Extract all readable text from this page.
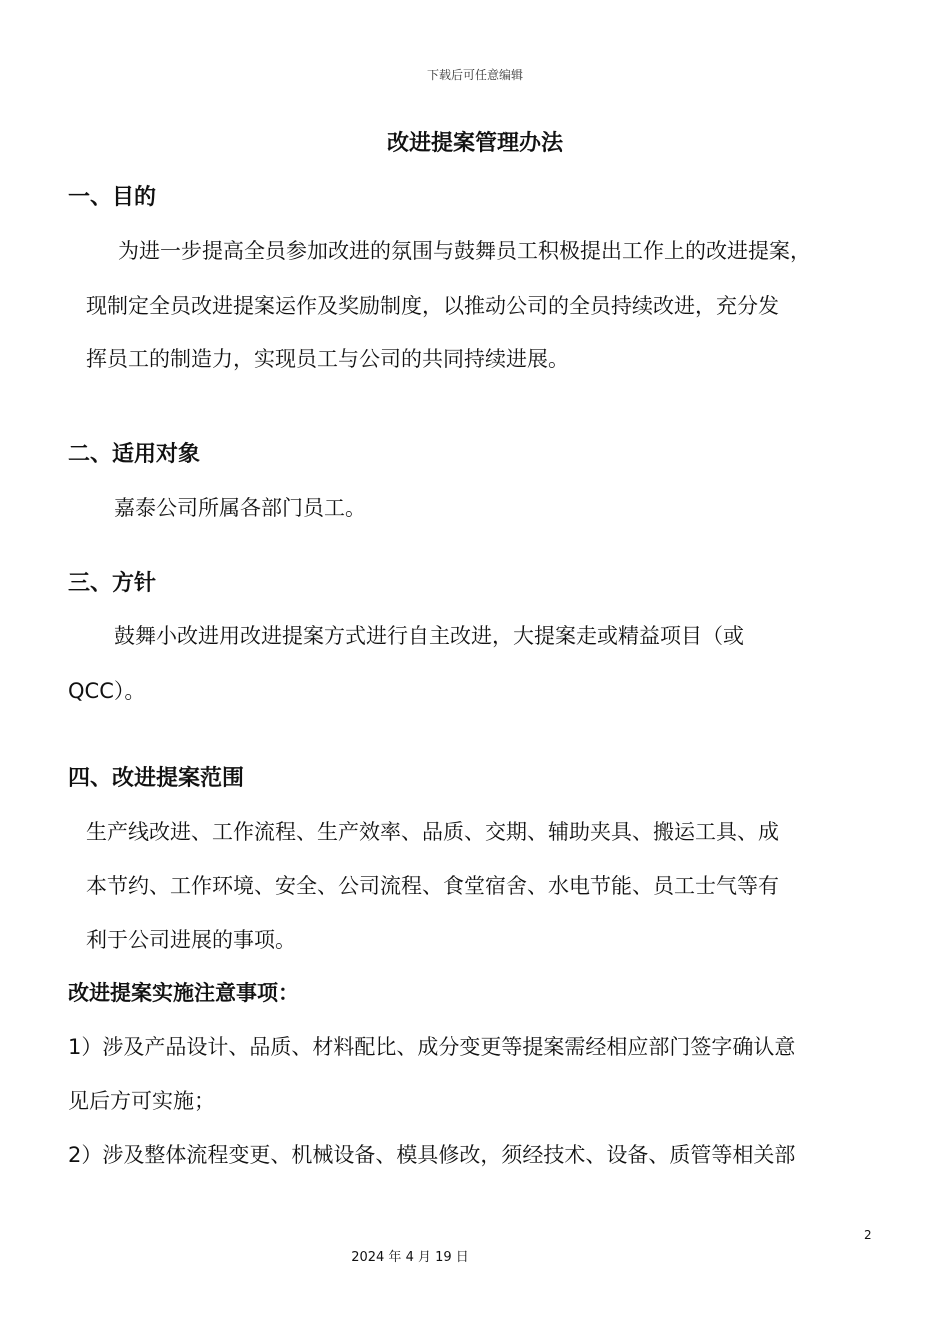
下载后可任意编辑
改进提案管理办法
一、目的
为进一步提高全员参加改进的氛围与鼓舞员工积极提出工作上的改进提案，
现制定全员改进提案运作及奖励制度，以推动公司的全员持续改进，充分发
挥员工的制造力，实现员工与公司的共同持续进展。
二、适用对象
嘉泰公司所属各部门员工。
三、方针
鼓舞小改进用改进提案方式进行自主改进，大提案走或精益项目（或
QCC）。
四、改进提案范围
生产线改进、工作流程、生产效率、品质、交期、辅助夹具、搬运工具、成
本节约、工作环境、安全、公司流程、食堂宿舍、水电节能、员工士气等有
利于公司进展的事项。
改进提案实施注意事项：
1）涉及产品设计、品质、材料配比、成分变更等提案需经相应部门签字确认意
见后方可实施；
2）涉及整体流程变更、机械设备、模具修改，须经技术、设备、质管等相关部
2
2024 年 4 月 19 日
